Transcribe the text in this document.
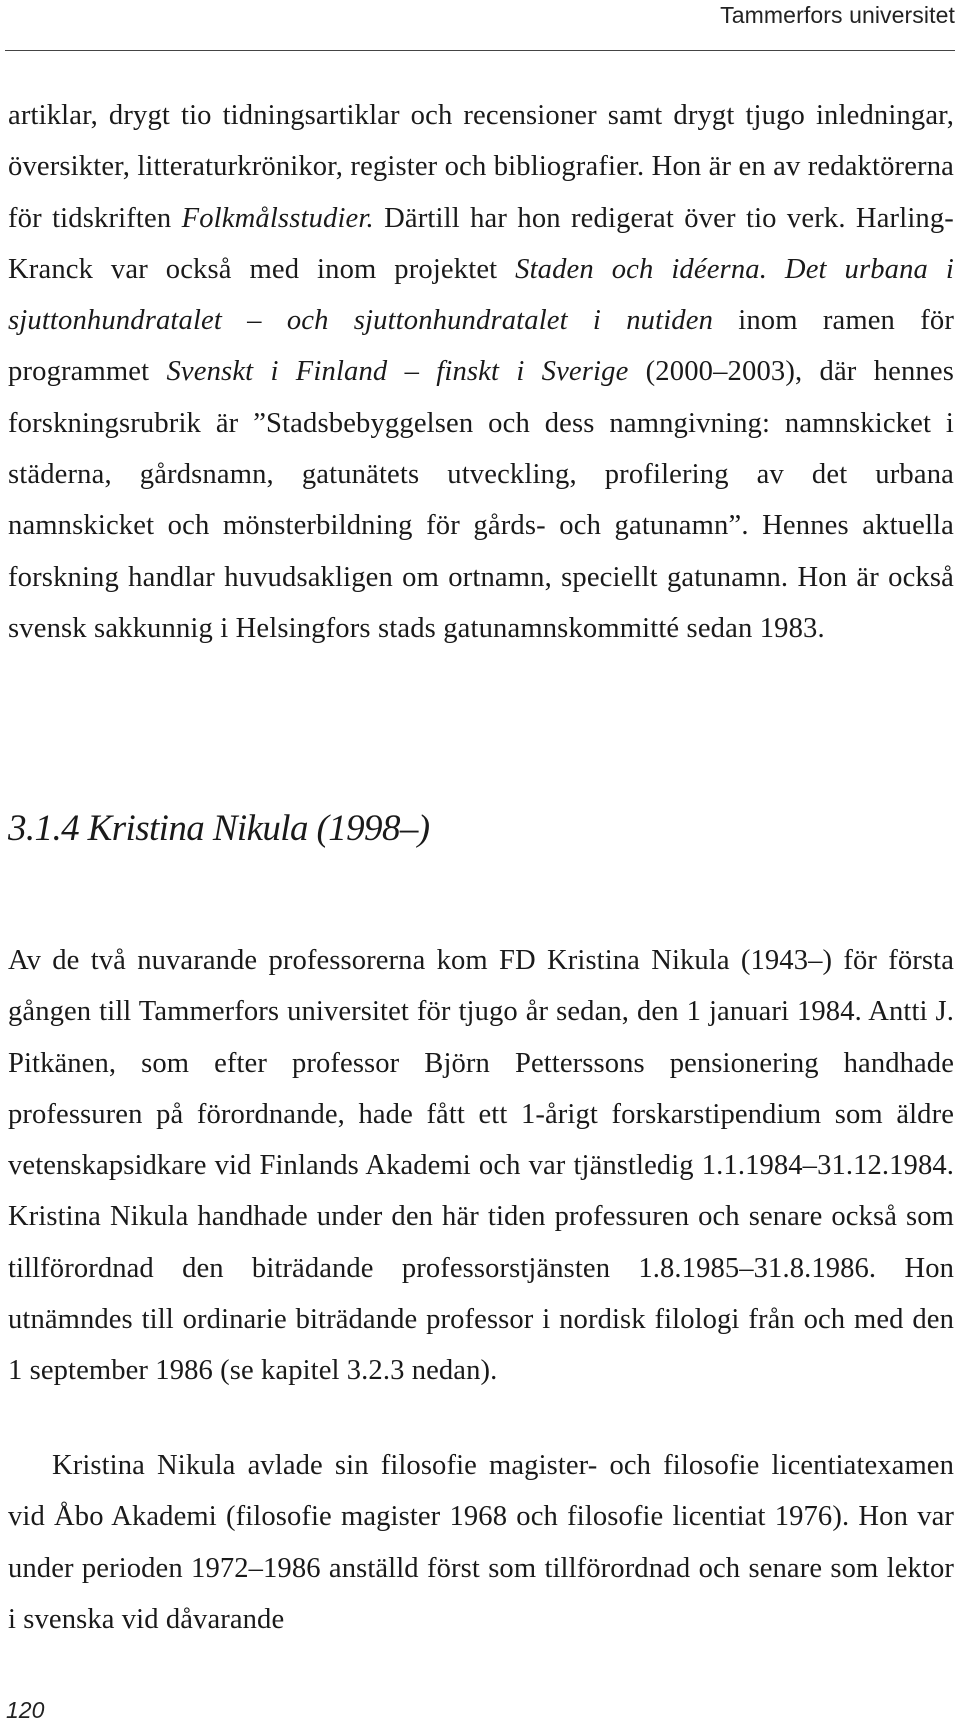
Tammerfors universitet

artiklar, drygt tio tidningsartiklar och recensioner samt drygt tjugo inledningar, översikter, litteraturkrönikor, register och bibliografier. Hon är en av redaktörerna för tidskriften Folkmålsstudier. Därtill har hon redigerat över tio verk. Harling-Kranck var också med inom projektet Staden och idéerna. Det urbana i sjuttonhundratalet – och sjuttonhundratalet i nutiden inom ramen för programmet Svenskt i Finland – finskt i Sverige (2000–2003), där hennes forskningsrubrik är ”Stadsbebyggelsen och dess namngivning: namnskicket i städerna, gårdsnamn, gatunätets utveckling, profilering av det urbana namnskicket och mönsterbildning för gårds- och gatunamn”. Hennes aktuella forskning handlar huvudsakligen om ortnamn, speciellt gatunamn. Hon är också svensk sakkunnig i Helsingfors stads gatunamnskommitté sedan 1983.

3.1.4 Kristina Nikula (1998–)

Av de två nuvarande professorerna kom FD Kristina Nikula (1943–) för första gången till Tammerfors universitet för tjugo år sedan, den 1 januari 1984. Antti J. Pitkänen, som efter professor Björn Petterssons pensionering handhade professuren på förordnande, hade fått ett 1-årigt forskarstipendium som äldre vetenskapsidkare vid Finlands Akademi och var tjänstledig 1.1.1984–31.12.1984. Kristina Nikula handhade under den här tiden professuren och senare också som tillförordnad den biträdande professorstjänsten 1.8.1985–31.8.1986. Hon utnämndes till ordinarie biträdande professor i nordisk filologi från och med den 1 september 1986 (se kapitel 3.2.3 nedan).

Kristina Nikula avlade sin filosofie magister- och filosofie licentiatexamen vid Åbo Akademi (filosofie magister 1968 och filosofie licentiat 1976). Hon var under perioden 1972–1986 anställd först som tillförordnad och senare som lektor i svenska vid dåvarande

120
